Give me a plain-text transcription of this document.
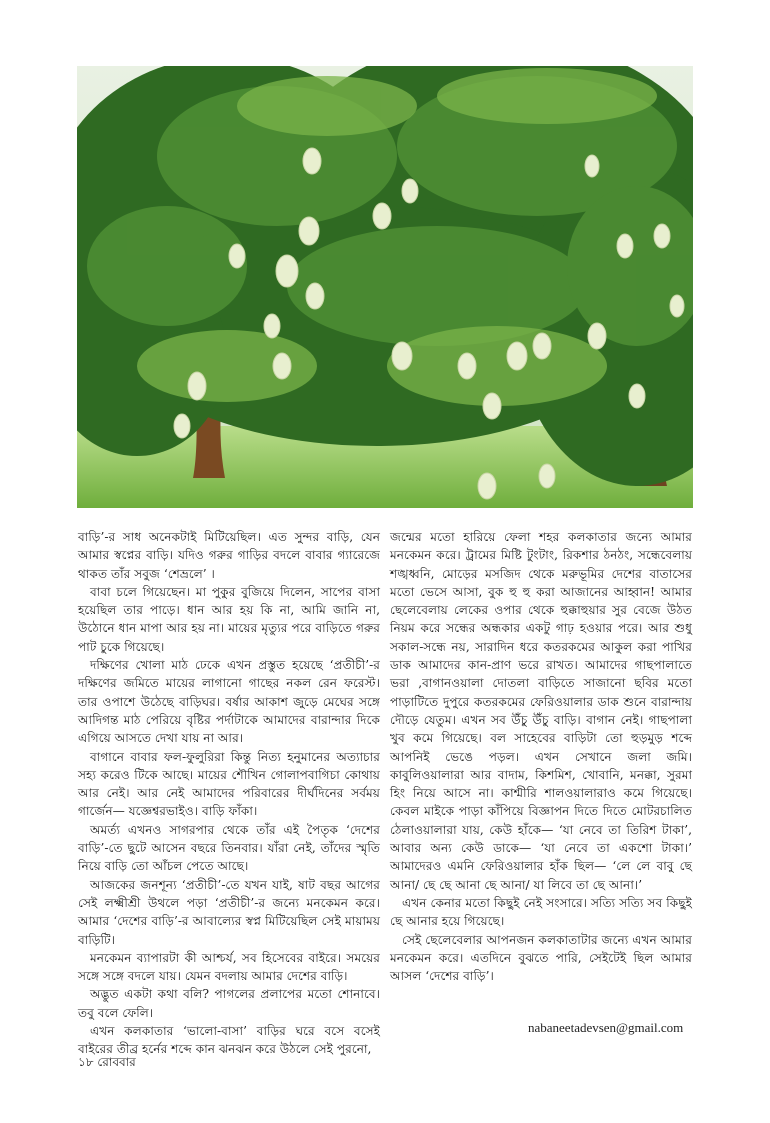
বাড়ি’-র সাধ অনেকটাই মিটিয়েছিল। এত সুন্দর বাড়ি, যেন আমার স্বপ্নের বাড়ি। যদিও গরুর গাড়ির বদলে বাবার গ্যারেজে থাকত তাঁর সবুজ ‘শেভ্রলে’ ।

বাবা চলে গিয়েছেন। মা পুকুর বুজিয়ে দিলেন, সাপের বাসা হয়েছিল তার পাড়ে। ধান আর হয় কি না, আমি জানি না, উঠোনে ধান মাপা আর হয় না। মায়ের মৃত্যুর পরে বাড়িতে গরুর পাট চুকে গিয়েছে।

দক্ষিণের খোলা মাঠ ঢেকে এখন প্রস্তুত হয়েছে ‘প্রতীচী’-র দক্ষিণের জমিতে মায়ের লাগানো গাছের নকল রেন ফরেস্ট। তার ওপাশে উঠেছে বাড়িঘর। বর্ষার আকাশ জুড়ে মেঘের সঙ্গে আদিগন্ত মাঠ পেরিয়ে বৃষ্টির পর্দাটাকে আমাদের বারান্দার দিকে এগিয়ে আসতে দেখা যায় না আর।

বাগানে বাবার ফল-ফুলুরিরা কিন্তু নিত্য হনুমানের অত্যাচার সহ্য করেও টিকে আছে। মায়ের শৌখিন গোলাপবাগিচা কোথায় আর নেই। আর নেই আমাদের পরিবারের দীর্ঘদিনের সর্বময় গার্জেন— যজ্ঞেশ্বরভাইও। বাড়ি ফাঁকা।

অমর্ত্য এখনও সাগরপার থেকে তাঁর এই পৈতৃক ‘দেশের বাড়ি’-তে ছুটে আসেন বছরে তিনবার। যাঁরা নেই, তাঁদের স্মৃতি নিয়ে বাড়ি তো আঁচল পেতে আছে।

আজকের জনশূন্য ‘প্রতীচী’-তে যখন যাই, ষাট বছর আগের সেই লক্ষ্মীশ্রী উথলে পড়া ‘প্রতীচী’-র জন্যে মনকেমন করে। আমার ‘দেশের বাড়ি’-র আবাল্যের স্বপ্ন মিটিয়েছিল সেই মায়াময় বাড়িটি।

মনকেমন ব্যাপারটা কী আশ্চর্য, সব হিসেবের বাইরে। সময়ের সঙ্গে সঙ্গে বদলে যায়। যেমন বদলায় আমার দেশের বাড়ি।

অদ্ভুত একটা কথা বলি? পাগলের প্রলাপের মতো শোনাবে। তবু বলে ফেলি।

এখন কলকাতার ‘ভালো-বাসা’ বাড়ির ঘরে বসে বসেই বাইরের তীব্র হর্নের শব্দে কান ঝনঝন করে উঠলে সেই পুরনো,

জন্মের মতো হারিয়ে ফেলা শহর কলকাতার জন্যে আমার মনকেমন করে। ট্রামের মিষ্টি টুংটাং, রিকশার ঠনঠং, সন্ধেবেলায় শঙ্খধ্বনি, মোড়ের মসজিদ থেকে মরুভূমির দেশের বাতাসের মতো ভেসে আসা, বুক হু হু করা আজানের আহ্বান! আমার ছেলেবেলায় লেকের ওপার থেকে হুক্কাহুয়ার সুর বেজে উঠত নিয়ম করে সন্ধের অন্ধকার একটু গাঢ় হওয়ার পরে। আর শুধু সকাল-সন্ধে নয়, সারাদিন ধরে কতরকমের আকুল করা পাখির ডাক আমাদের কান-প্রাণ ভরে রাখত। আমাদের গাছপালাতে ভরা ,বাগানওয়ালা দোতলা বাড়িতে সাজানো ছবির মতো পাড়াটিতে দুপুরে কতরকমের ফেরিওয়ালার ডাক শুনে বারান্দায় দৌড়ে যেতুম। এখন সব উঁচু উঁচু বাড়ি। বাগান নেই। গাছপালা খুব কমে গিয়েছে। বল সাহেবের বাড়িটা তো হুড়মুড় শব্দে আপনিই ভেঙে পড়ল। এখন সেখানে জলা জমি। কাবুলিওয়ালারা আর বাদাম, কিশমিশ, খোবানি, মনক্কা, সুরমা হিং নিয়ে আসে না। কাশ্মীরি শালওয়ালারাও কমে গিয়েছে। কেবল মাইকে পাড়া কাঁপিয়ে বিজ্ঞাপন দিতে দিতে মোটরচালিত ঠেলাওয়ালারা যায়, কেউ হাঁকে— ‘যা নেবে তা তিরিশ টাকা’, আবার অন্য কেউ ডাকে— ‘যা নেবে তা একশো টাকা।’ আমাদেরও এমনি ফেরিওয়ালার হাঁক ছিল— ‘লে লে বাবু ছে আনা/ ছে ছে আনা ছে আনা/ যা লিবে তা ছে আনা।’

এখন কেনার মতো কিছুই নেই সংসারে। সত্যি সত্যি সব কিছুই ছে আনার হয়ে গিয়েছে।

সেই ছেলেবেলার আপনজন কলকাতাটার জন্যে এখন আমার মনকেমন করে। এতদিনে বুঝতে পারি, সেইটেই ছিল আমার আসল ‘দেশের বাড়ি’।

nabaneetadevsen@gmail.com
১৮ রোববার
